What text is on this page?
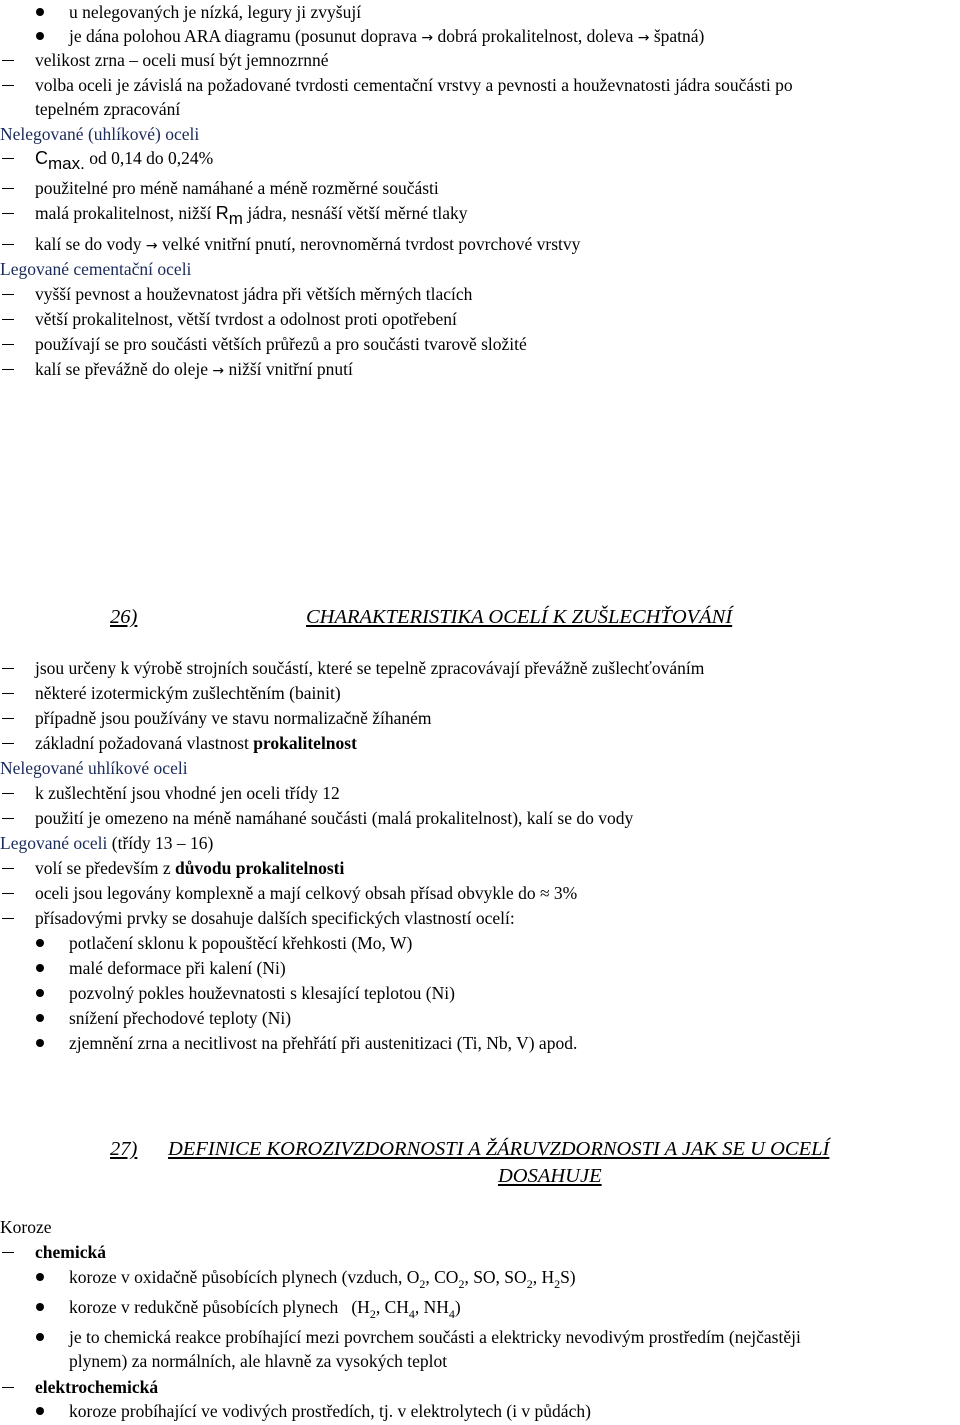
u nelegovaných je nízká, legury ji zvyšují
je dána polohou ARA diagramu (posunut doprava → dobrá prokalitelnost, doleva → špatná)
velikost zrna – oceli musí být jemnozrnné
volba oceli je závislá na požadované tvrdosti cementační vrstvy a pevnosti a houževnatosti jádra součásti po
tepelném zpracování
Nelegované (uhlíkové) oceli
Cmax. od 0,14 do 0,24%
použitelné pro méně namáhané a méně rozměrné součásti
malá prokalitelnost, nižší Rm jádra, nesnáší větší měrné tlaky
kalí se do vody → velké vnitřní pnutí, nerovnoměrná tvrdost povrchové vrstvy
Legované cementační oceli
vyšší pevnost a houževnatost jádra při větších měrných tlacích
větší prokalitelnost, větší tvrdost a odolnost proti opotřebení
používají se pro součásti větších průřezů a pro součásti tvarově složité
kalí se převážně do oleje → nižší vnitřní pnutí
26)	CHARAKTERISTIKA OCELÍ K ZUŠLECHŤOVÁNÍ
jsou určeny k výrobě strojních součástí, které se tepelně zpracovávají převážně zušlechťováním
některé izotermickým zušlechtěním (bainit)
případně jsou používány ve stavu normalizačně žíhaném
základní požadovaná vlastnost prokalitelnost
Nelegované uhlíkové oceli
k zušlechtění jsou vhodné jen oceli třídy 12
použití je omezeno na méně namáhané součásti (malá prokalitelnost), kalí se do vody
Legované oceli (třídy 13 – 16)
volí se především z důvodu prokalitelnosti
oceli jsou legovány komplexně a mají celkový obsah přísad obvykle do ≈ 3%
přísadovými prvky se dosahuje dalších specifických vlastností ocelí:
potlačení sklonu k popouštěcí křehkosti (Mo, W)
malé deformace při kalení (Ni)
pozvolný pokles houževnatosti s klesající teplotou (Ni)
snížení přechodové teploty (Ni)
zjemnění zrna a necitlivost na přehřátí při austenitizaci (Ti, Nb, V) apod.
27) DEFINICE KOROZIVZDORNOSTI A ŽÁRUVZDORNOSTI A JAK SE U OCELÍ
DOSAHUJE
Koroze
chemická
koroze v oxidačně působících plynech (vzduch, $O_2$, $CO_2$, SO, $SO_2$, $H_2S$)
koroze v redukčně působících plynech   ($H_2$, $CH_4$, $NH_4$)
je to chemická reakce probíhající mezi povrchem součásti a elektricky nevodivým prostředím (nejčastěji
plynem) za normálních, ale hlavně za vysokých teplot
elektrochemická
koroze probíhající ve vodivých prostředích, tj. v elektrolytech (i v půdách)
